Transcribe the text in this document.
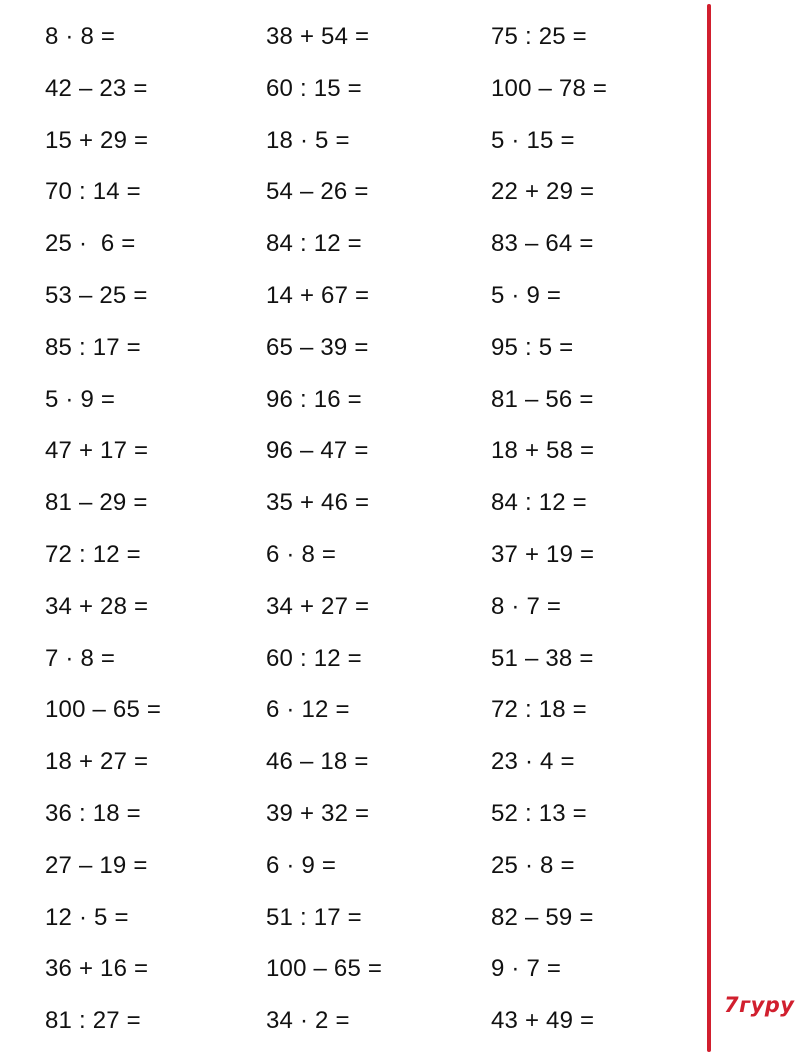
8 · 8 =
42 – 23 =
15 + 29 =
70 : 14 =
25 ·  6 =
53 – 25 =
85 : 17 =
5 · 9 =
47 + 17 =
81 – 29 =
72 : 12 =
34 + 28 =
7 · 8 =
100 – 65 =
18 + 27 =
36 : 18 =
27 – 19 =
12 · 5 =
36 + 16 =
81 : 27 =
38 + 54 =
60 : 15 =
18 · 5 =
54 – 26 =
84 : 12 =
14 + 67 =
65 – 39 =
96 : 16 =
96 – 47 =
35 + 46 =
6 · 8 =
34 + 27 =
60 : 12 =
6 · 12 =
46 – 18 =
39 + 32 =
6 · 9 =
51 : 17 =
100 – 65 =
34 · 2 =
75 : 25 =
100 – 78 =
5 · 15 =
22 + 29 =
83 – 64 =
5 · 9 =
95 : 5 =
81 – 56 =
18 + 58 =
84 : 12 =
37 + 19 =
8 · 7 =
51 – 38 =
72 : 18 =
23 · 4 =
52 : 13 =
25 · 8 =
82 – 59 =
9 · 7 =
43 + 49 =
7гуру
